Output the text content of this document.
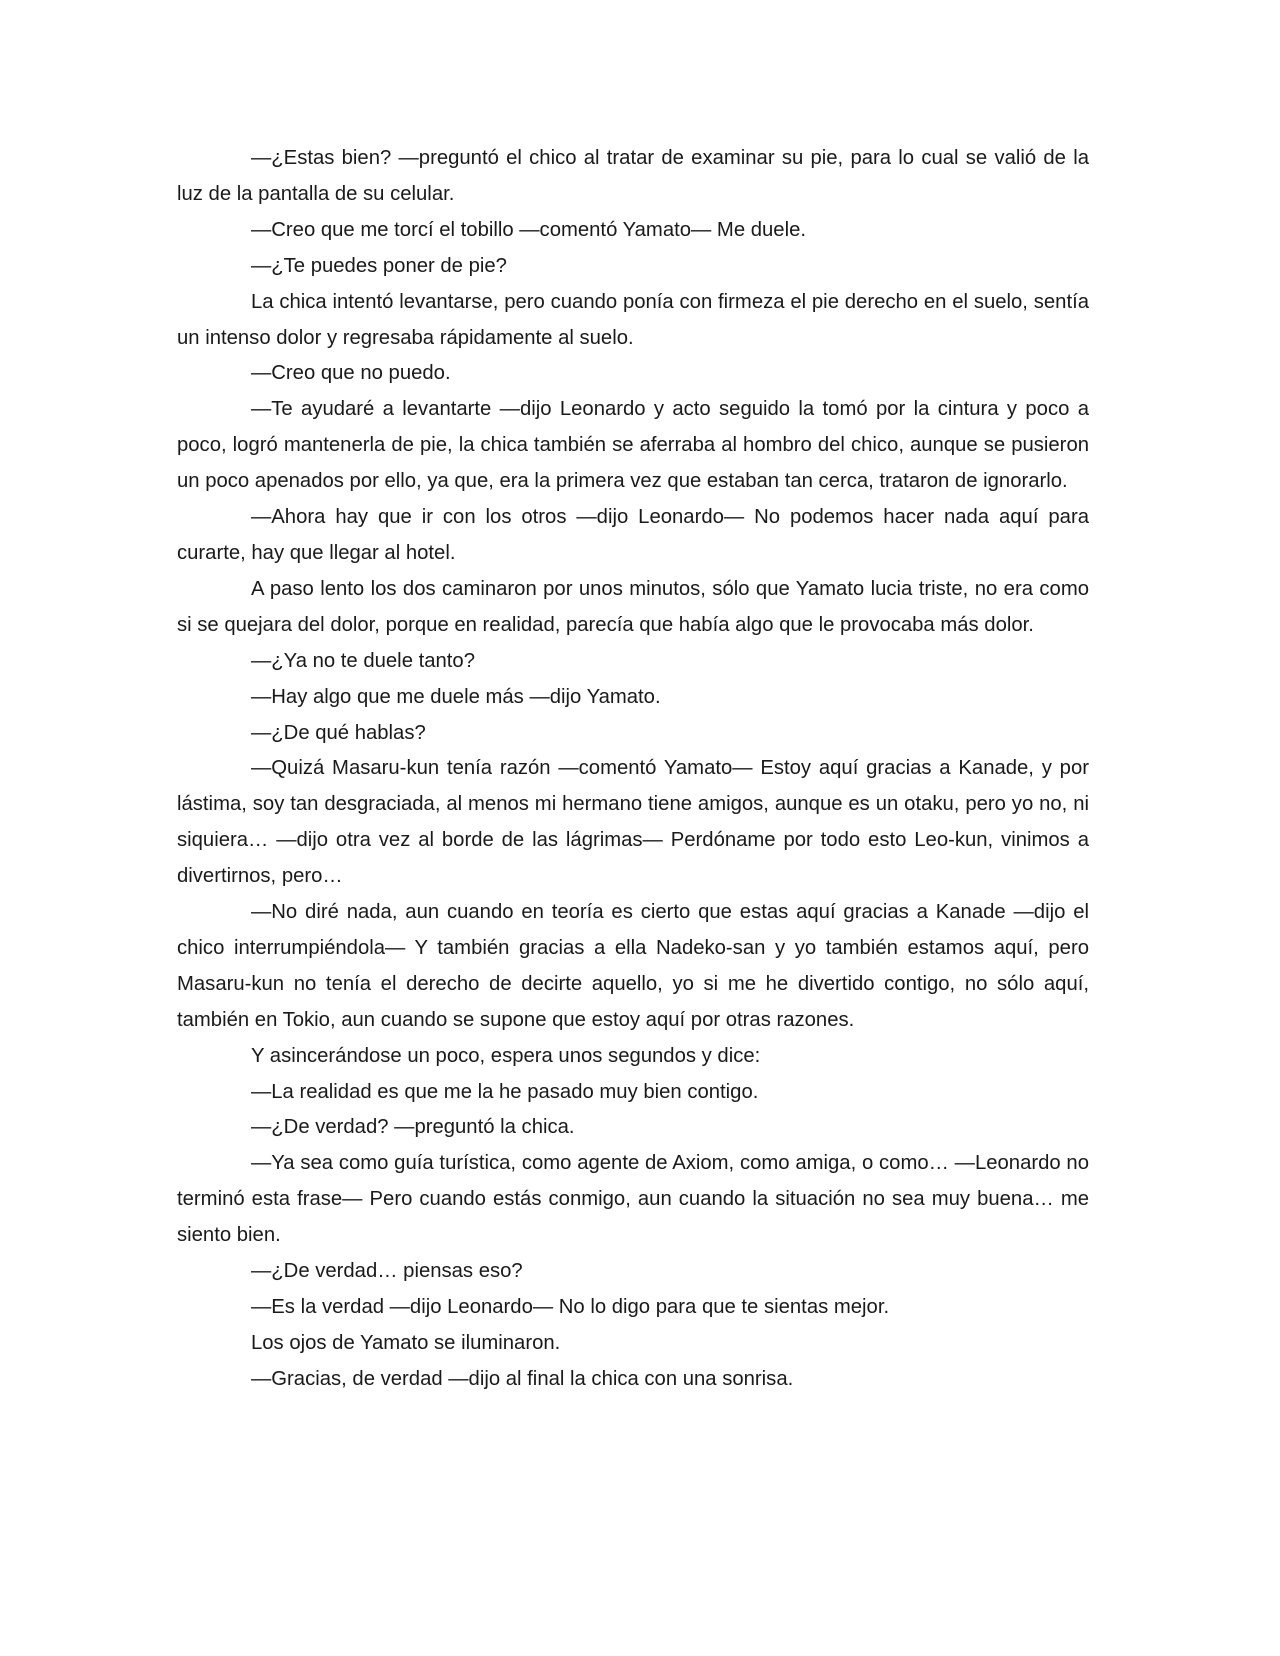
—¿Estas bien? —preguntó el chico al tratar de examinar su pie, para lo cual se valió de la luz de la pantalla de su celular.

—Creo que me torcí el tobillo —comentó Yamato— Me duele.

—¿Te puedes poner de pie?

La chica intentó levantarse, pero cuando ponía con firmeza el pie derecho en el suelo, sentía un intenso dolor y regresaba rápidamente al suelo.

—Creo que no puedo.

—Te ayudaré a levantarte —dijo Leonardo y acto seguido la tomó por la cintura y poco a poco, logró mantenerla de pie, la chica también se aferraba al hombro del chico, aunque se pusieron un poco apenados por ello, ya que, era la primera vez que estaban tan cerca, trataron de ignorarlo.

—Ahora hay que ir con los otros —dijo Leonardo— No podemos hacer nada aquí para curarte, hay que llegar al hotel.

A paso lento los dos caminaron por unos minutos, sólo que Yamato lucia triste, no era como si se quejara del dolor, porque en realidad, parecía que había algo que le provocaba más dolor.

—¿Ya no te duele tanto?

—Hay algo que me duele más —dijo Yamato.

—¿De qué hablas?

—Quizá Masaru-kun tenía razón —comentó Yamato— Estoy aquí gracias a Kanade, y por lástima, soy tan desgraciada, al menos mi hermano tiene amigos, aunque es un otaku, pero yo no, ni siquiera… —dijo otra vez al borde de las lágrimas— Perdóname por todo esto Leo-kun, vinimos a divertirnos, pero…

—No diré nada, aun cuando en teoría es cierto que estas aquí gracias a Kanade —dijo el chico interrumpiéndola— Y también gracias a ella Nadeko-san y yo también estamos aquí, pero Masaru-kun no tenía el derecho de decirte aquello, yo si me he divertido contigo, no sólo aquí, también en Tokio, aun cuando se supone que estoy aquí por otras razones.

Y asincerándose un poco, espera unos segundos y dice:

—La realidad es que me la he pasado muy bien contigo.

—¿De verdad? —preguntó la chica.

—Ya sea como guía turística, como agente de Axiom, como amiga, o como… —Leonardo no terminó esta frase— Pero cuando estás conmigo, aun cuando la situación no sea muy buena… me siento bien.

—¿De verdad… piensas eso?

—Es la verdad —dijo Leonardo— No lo digo para que te sientas mejor.

Los ojos de Yamato se iluminaron.

—Gracias, de verdad —dijo al final la chica con una sonrisa.
